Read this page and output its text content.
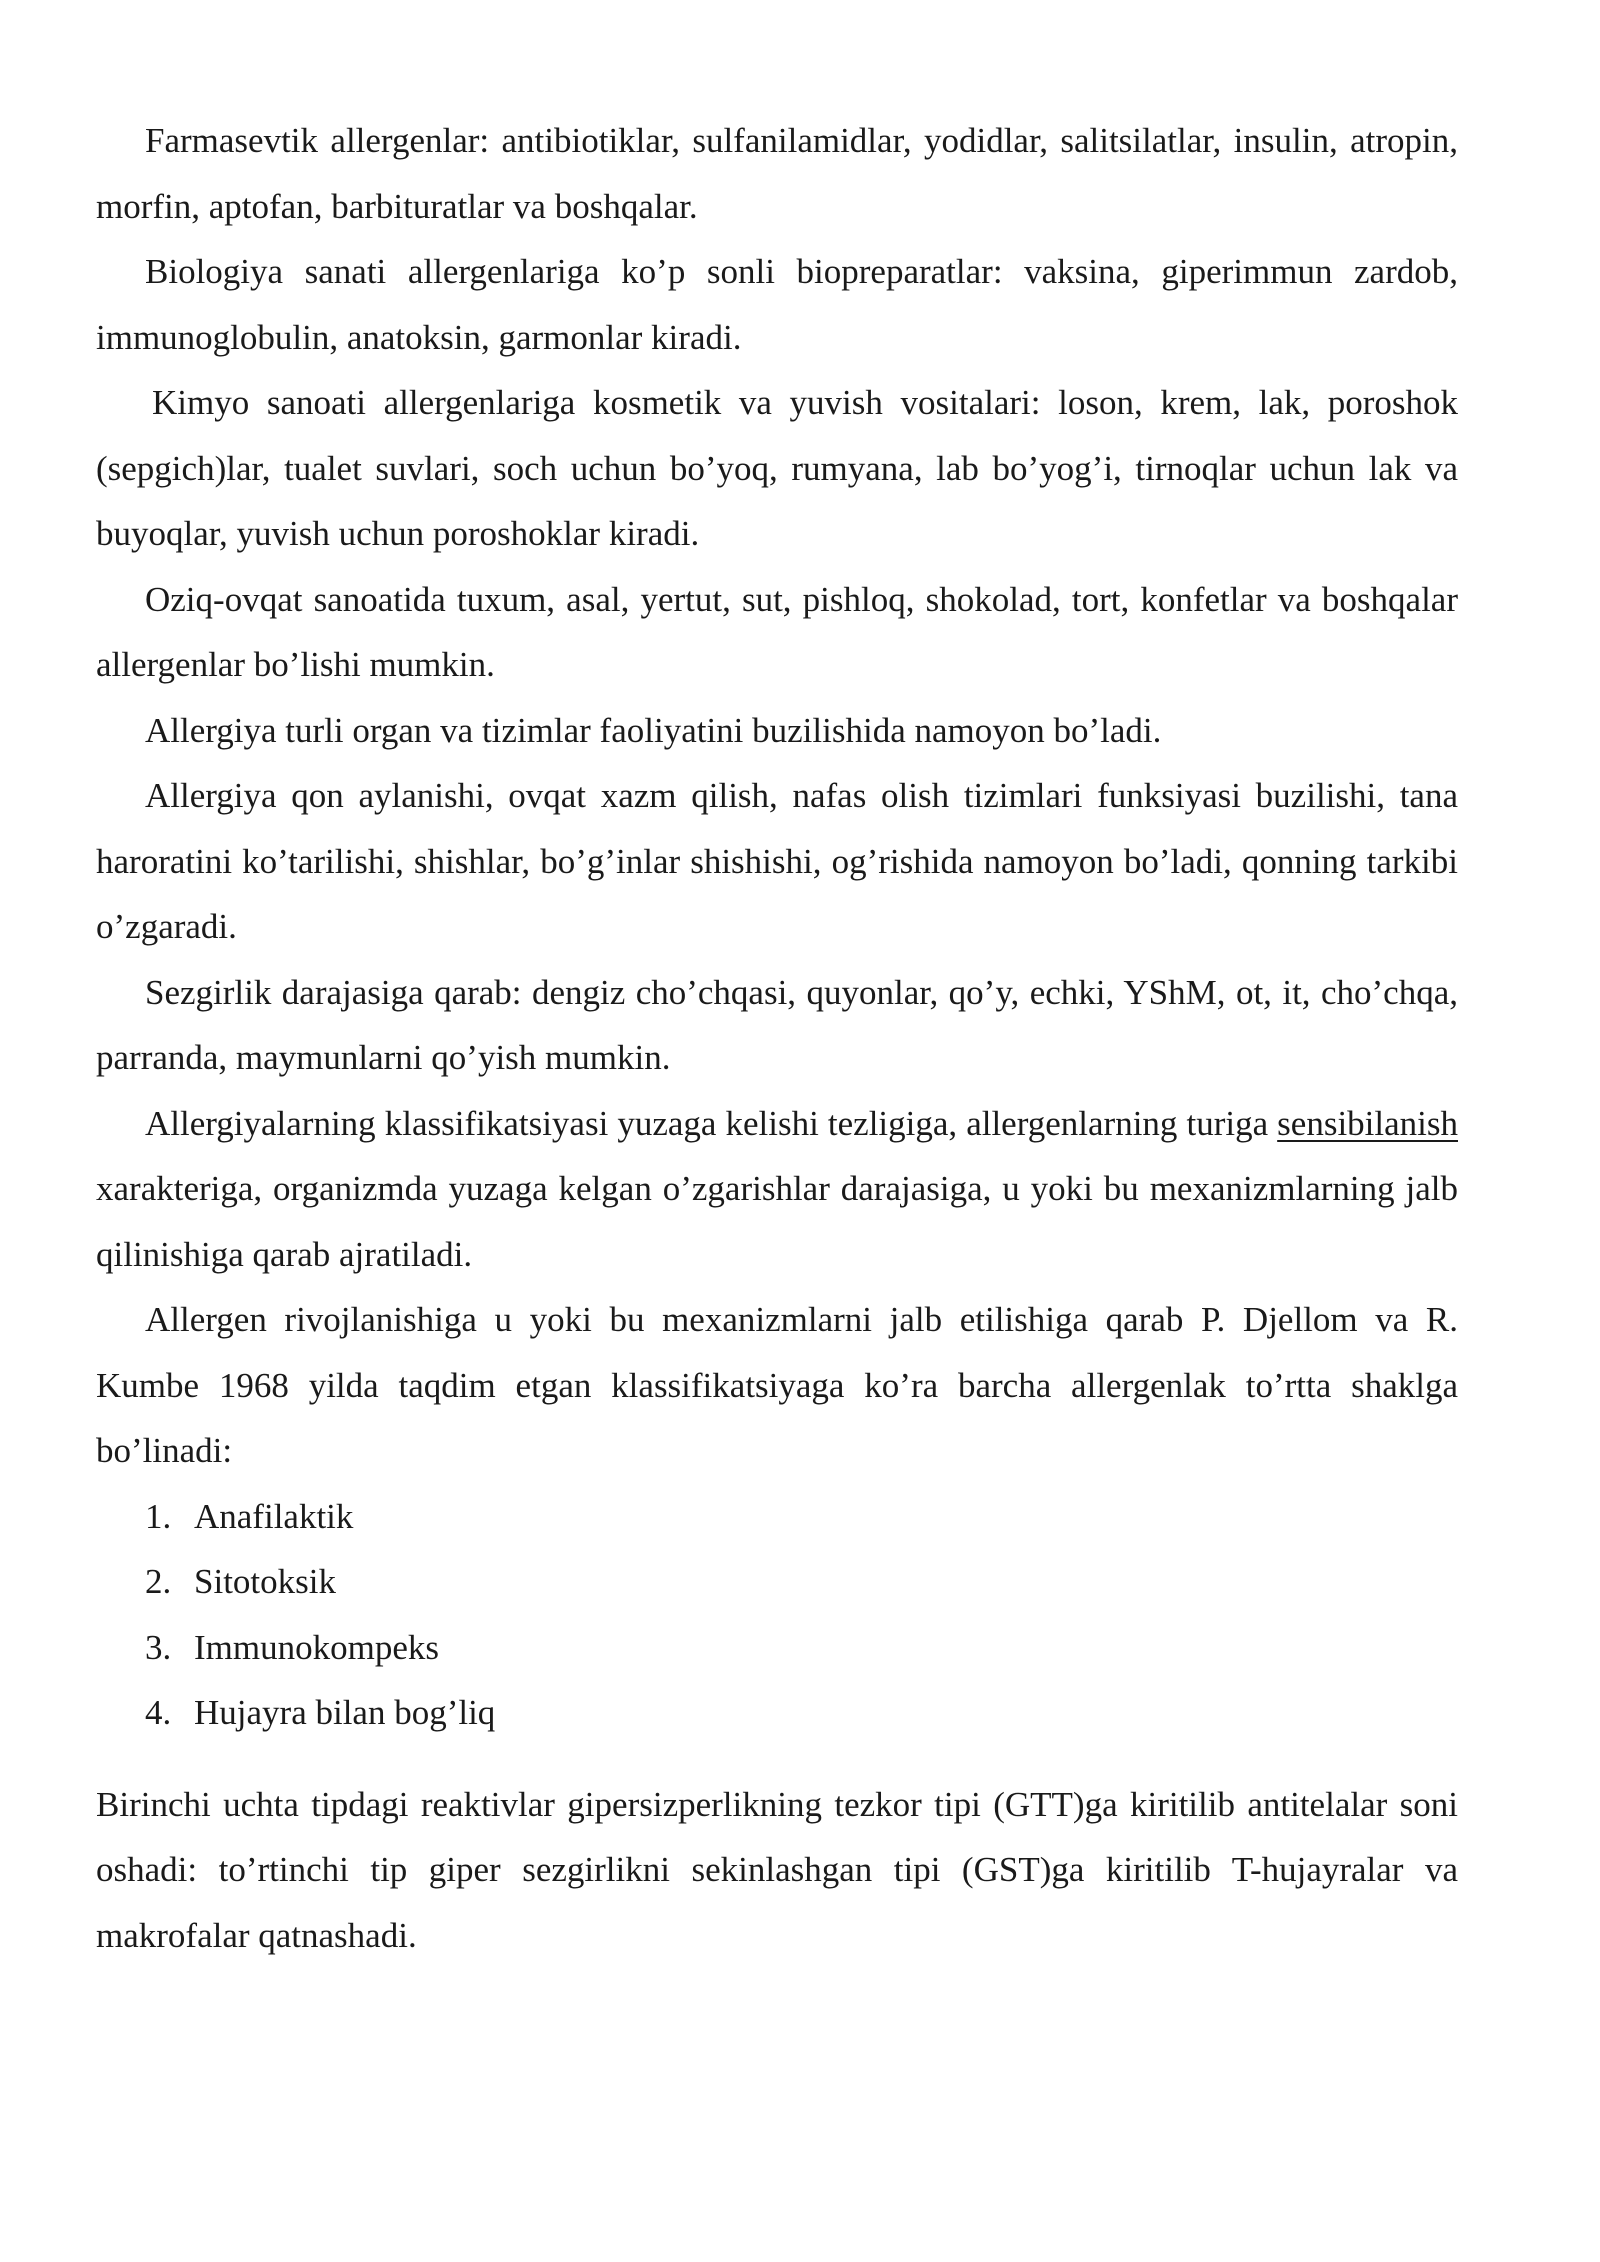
Farmasevtik allergenlar: antibiotiklar, sulfanilamidlar, yodidlar, salitsilatlar, insulin, atropin, morfin, aptofan, barbituratlar va boshqalar.

Biologiya sanati allergenlariga ko’p sonli biopreparatlar: vaksina, giperimmun zardob, immunoglobulin, anatoksin, garmonlar kiradi.

Kimyo sanoati allergenlariga kosmetik va yuvish vositalari: loson, krem, lak, poroshok (sepgich)lar, tualet suvlari, soch uchun bo’yoq, rumyana, lab bo’yog’i, tirnoqlar uchun lak va buyoqlar, yuvish uchun poroshoklar kiradi.

Oziq-ovqat sanoatida tuxum, asal, yertut, sut, pishloq, shokolad, tort, konfetlar va boshqalar allergenlar bo’lishi mumkin.

Allergiya turli organ va tizimlar faoliyatini buzilishida namoyon bo’ladi.

Allergiya qon aylanishi, ovqat xazm qilish, nafas olish tizimlari funksiyasi buzilishi, tana haroratini ko’tarilishi, shishlar, bo’g’inlar shishishi, og’rishida namoyon bo’ladi, qonning tarkibi o’zgaradi.

Sezgirlik darajasiga qarab: dengiz cho’chqasi, quyonlar, qo’y, echki, YShM, ot, it, cho’chqa, parranda, maymunlarni qo’yish mumkin.

Allergiyalarning klassifikatsiyasi yuzaga kelishi tezligiga, allergenlarning turiga sensibilanish xarakteriga, organizmda yuzaga kelgan o’zgarishlar darajasiga, u yoki bu mexanizmlarning jalb qilinishiga qarab ajratiladi.

Allergen rivojlanishiga u yoki bu mexanizmlarni jalb etilishiga qarab P. Djellom va R. Kumbe 1968 yilda taqdim etgan klassifikatsiyaga ko’ra barcha allergenlak to’rtta shaklga bo’linadi:

1. Anafilaktik
2. Sitotoksik
3. Immunokompeks
4. Hujayra bilan bog’liq

Birinchi uchta tipdagi reaktivlar gipersizperlikning tezkor tipi (GTT)ga kiritilib antitelalar soni oshadi: to’rtinchi tip giper sezgirlikni sekinlashgan tipi (GST)ga kiritilib T-hujayralar va makrofalar qatnashadi.
